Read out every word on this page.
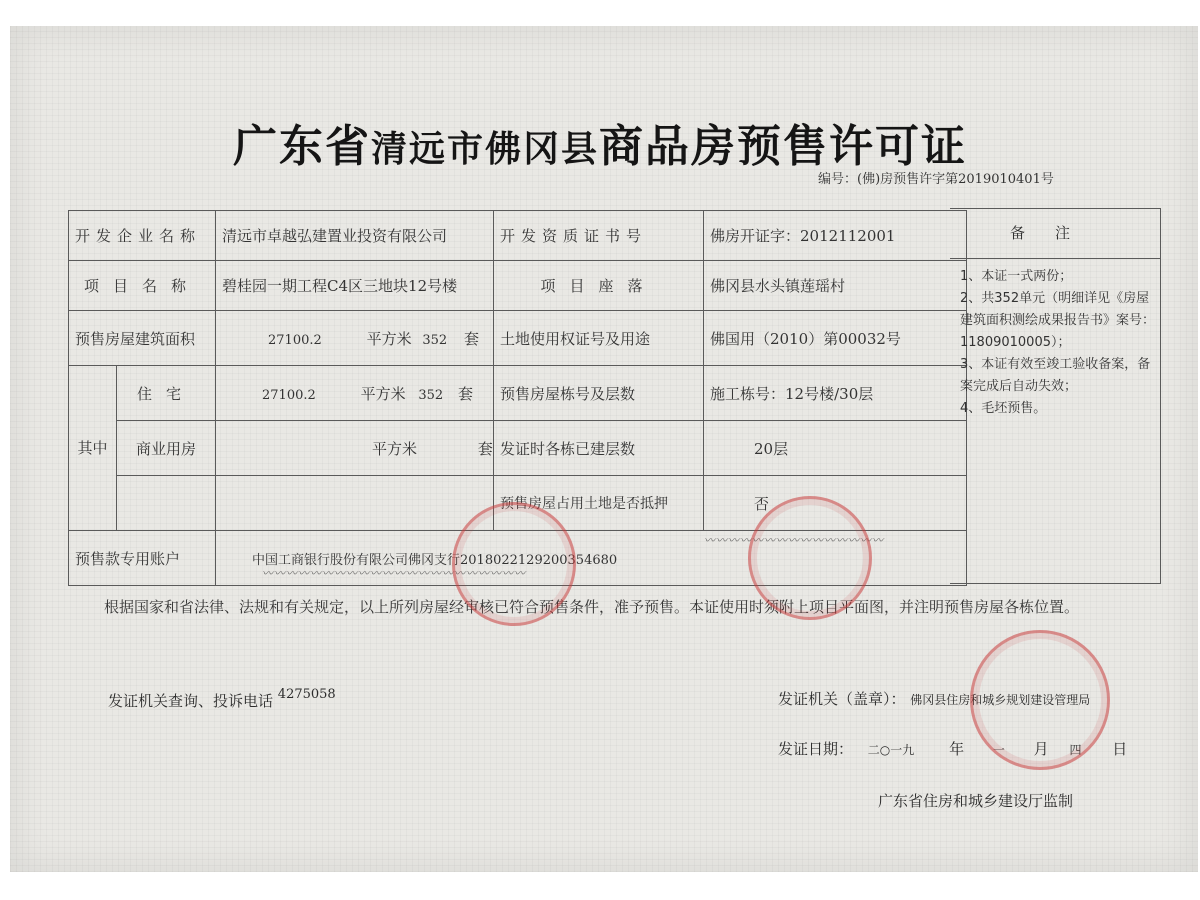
广东省清远市佛冈县商品房预售许可证
编号：(佛)房预售许字第2019010401号
开发企业名称		清远市卓越弘建置业投资有限公司	开发资质证书号	佛房开证字：2012112001
项目名称		碧桂园一期工程C4区三地块12号楼	项目座落	佛冈县水头镇莲瑶村
预售房屋建筑面积		27100.2 平方米 352 套	土地使用权证号及用途	佛国用（2010）第00032号
其中	住宅	27100.2 平方米 352 套	预售房屋栋号及层数	施工栋号：12号楼/30层
	商业用房	平方米 套	发证时各栋已建层数	20层
			预售房屋占用土地是否抵押	否
预售款专用账户		中国工商银行股份有限公司佛冈支行2018022129200354680		
备注
1、本证一式两份；
2、共352单元（明细详见《房屋建筑面积测绘成果报告书》案号：11809010005）；
3、本证有效至竣工验收备案，备案完成后自动失效；
4、毛坯预售。
〰〰〰〰〰〰〰〰〰〰〰〰〰〰〰〰〰〰〰〰〰〰
〰〰〰〰〰〰〰〰〰〰〰〰〰〰〰
根据国家和省法律、法规和有关规定，以上所列房屋经审核已符合预售条件，准予预售。本证使用时须附上项目平面图，并注明预售房屋各栋位置。
发证机关查询、投诉电话 4275058	发证机关（盖章）： 佛冈县住房和城乡规划建设管理局
发证日期： 二○一九 年 一 月 四 日
广东省住房和城乡建设厅监制
